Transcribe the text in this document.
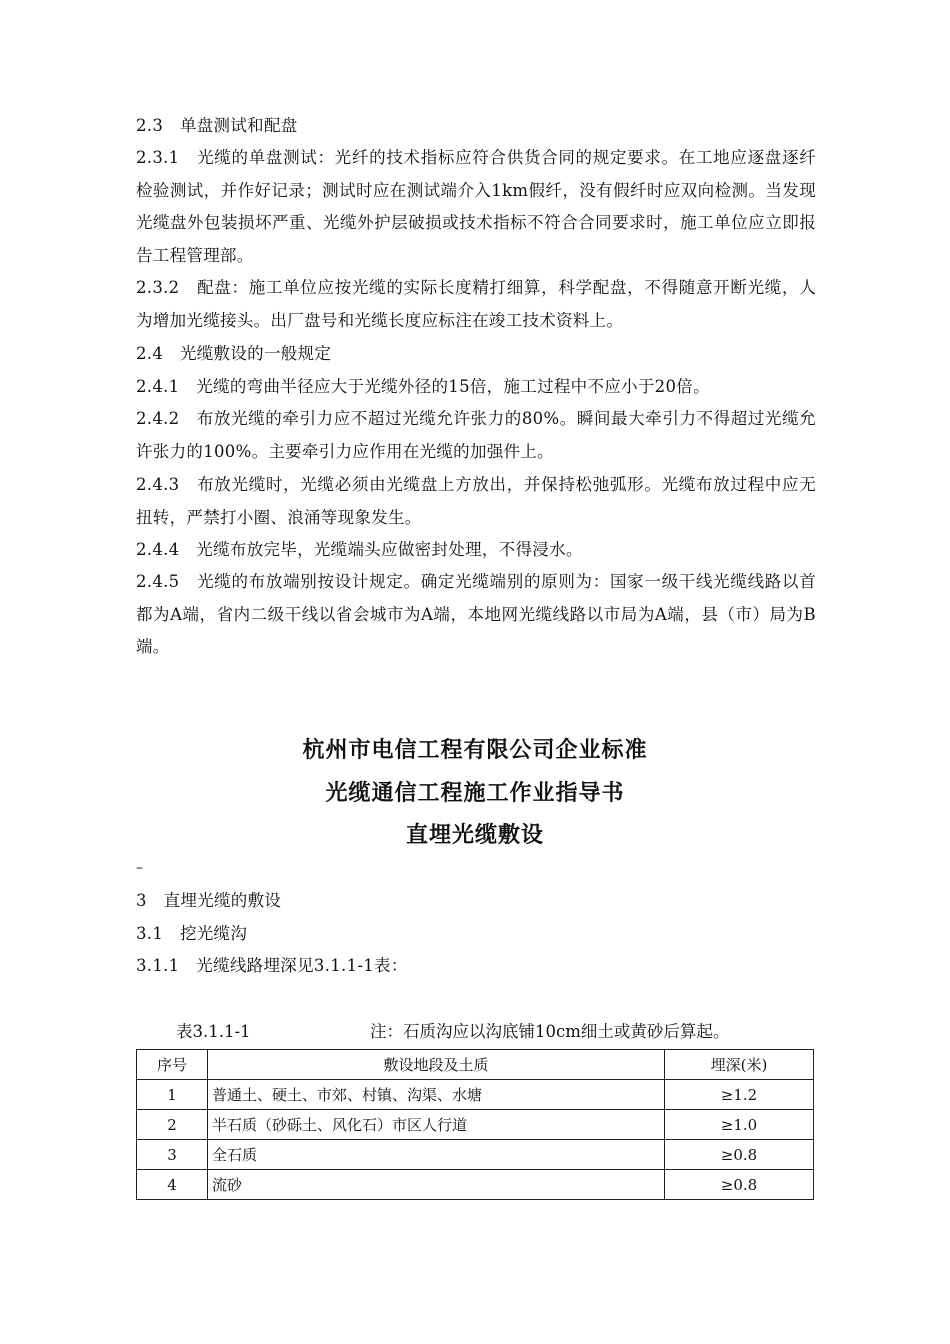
2.3　单盘测试和配盘
2.3.1　光缆的单盘测试：光纤的技术指标应符合供货合同的规定要求。在工地应逐盘逐纤检验测试，并作好记录；测试时应在测试端介入1km假纤，没有假纤时应双向检测。当发现光缆盘外包装损坏严重、光缆外护层破损或技术指标不符合合同要求时，施工单位应立即报告工程管理部。
2.3.2　配盘：施工单位应按光缆的实际长度精打细算，科学配盘，不得随意开断光缆，人为增加光缆接头。出厂盘号和光缆长度应标注在竣工技术资料上。
2.4　光缆敷设的一般规定
2.4.1　光缆的弯曲半径应大于光缆外径的15倍，施工过程中不应小于20倍。
2.4.2　布放光缆的牵引力应不超过光缆允许张力的80%。瞬间最大牵引力不得超过光缆允许张力的100%。主要牵引力应作用在光缆的加强件上。
2.4.3　布放光缆时，光缆必须由光缆盘上方放出，并保持松弛弧形。光缆布放过程中应无扭转，严禁打小圈、浪涌等现象发生。
2.4.4　光缆布放完毕，光缆端头应做密封处理，不得浸水。
2.4.5　光缆的布放端别按设计规定。确定光缆端别的原则为：国家一级干线光缆线路以首都为A端，省内二级干线以省会城市为A端，本地网光缆线路以市局为A端，县（市）局为B端。
杭州市电信工程有限公司企业标准
光缆通信工程施工作业指导书
直埋光缆敷设
–
3　直埋光缆的敷设
3.1　挖光缆沟
3.1.1　光缆线路埋深见3.1.1-1表：
表3.1.1-1	注：石质沟应以沟底铺10cm细土或黄砂后算起。
序号	敷设地段及土质	埋深(米)
1	普通土、硬土、市郊、村镇、沟渠、水塘	≥1.2
2	半石质（砂砾土、风化石）市区人行道	≥1.0
3	全石质	≥0.8
4	流砂	≥0.8
